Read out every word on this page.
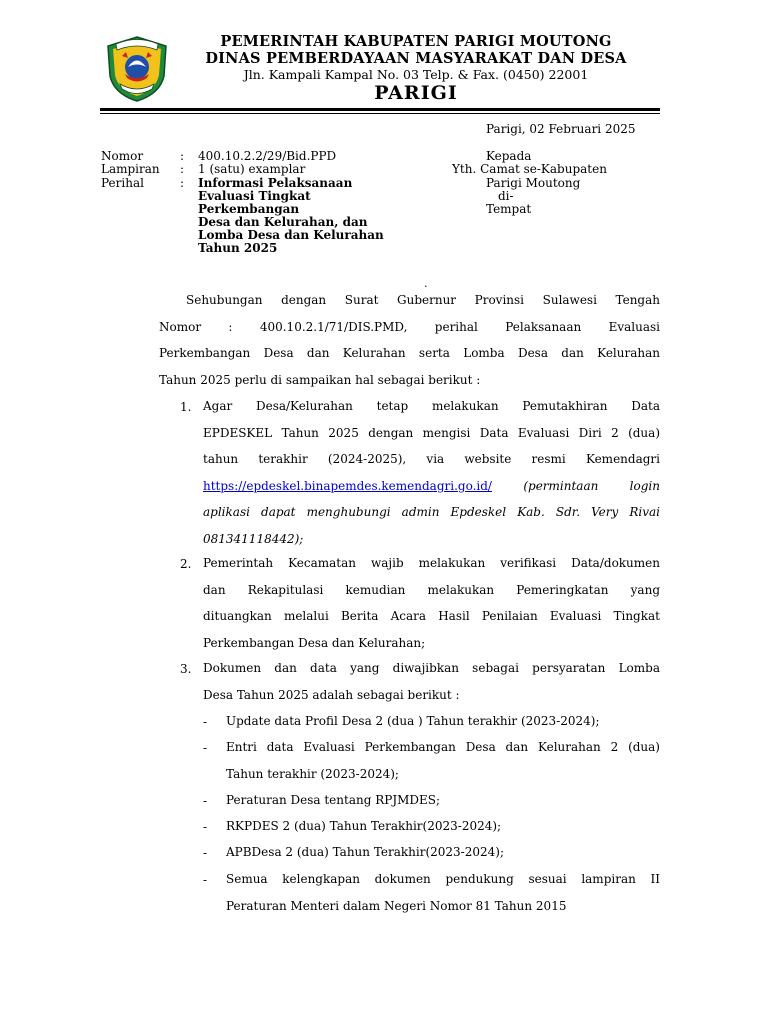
PEMERINTAH KABUPATEN PARIGI MOUTONG
DINAS PEMBERDAYAAN MASYARAKAT DAN DESA
Jln. Kampali Kampal No. 03 Telp. & Fax. (0450) 22001
PARIGI
Parigi, 02 Februari 2025
Nomor	: 400.10.2.2/29/Bid.PPD
Lampiran : 1 (satu) examplar
Perihal	: Informasi Pelaksanaan
Evaluasi Tingkat
Perkembangan
Desa dan Kelurahan, dan
Lomba Desa dan Kelurahan
Tahun 2025
Kepada
Yth. Camat se-Kabupaten
Parigi Moutong
di-
Tempat
.
Sehubungan dengan Surat Gubernur Provinsi Sulawesi Tengah
Nomor : 400.10.2.1/71/DIS.PMD, perihal Pelaksanaan Evaluasi
Perkembangan Desa dan Kelurahan serta Lomba Desa dan Kelurahan
Tahun 2025 perlu di sampaikan hal sebagai berikut :
1. Agar Desa/Kelurahan tetap melakukan Pemutakhiran Data
EPDESKEL Tahun 2025 dengan mengisi Data Evaluasi Diri 2 (dua)
tahun terakhir (2024-2025), via website resmi Kemendagri
https://epdeskel.binapemdes.kemendagri.go.id/	(permintaan login
aplikasi dapat menghubungi admin Epdeskel Kab. Sdr. Very Rivai
081341118442);
2. Pemerintah Kecamatan wajib melakukan verifikasi Data/dokumen
dan Rekapitulasi kemudian melakukan Pemeringkatan yang
dituangkan melalui Berita Acara Hasil Penilaian Evaluasi Tingkat
Perkembangan Desa dan Kelurahan;
3. Dokumen dan data yang diwajibkan sebagai persyaratan Lomba
Desa Tahun 2025 adalah sebagai berikut :
- Update data Profil Desa 2 (dua ) Tahun terakhir (2023-2024);
- Entri data Evaluasi Perkembangan Desa dan Kelurahan 2 (dua)
Tahun terakhir (2023-2024);
- Peraturan Desa tentang RPJMDES;
- RKPDES 2 (dua) Tahun Terakhir(2023-2024);
- APBDesa 2 (dua) Tahun Terakhir(2023-2024);
- Semua kelengkapan dokumen pendukung sesuai lampiran II
Peraturan Menteri dalam Negeri Nomor 81 Tahun 2015
